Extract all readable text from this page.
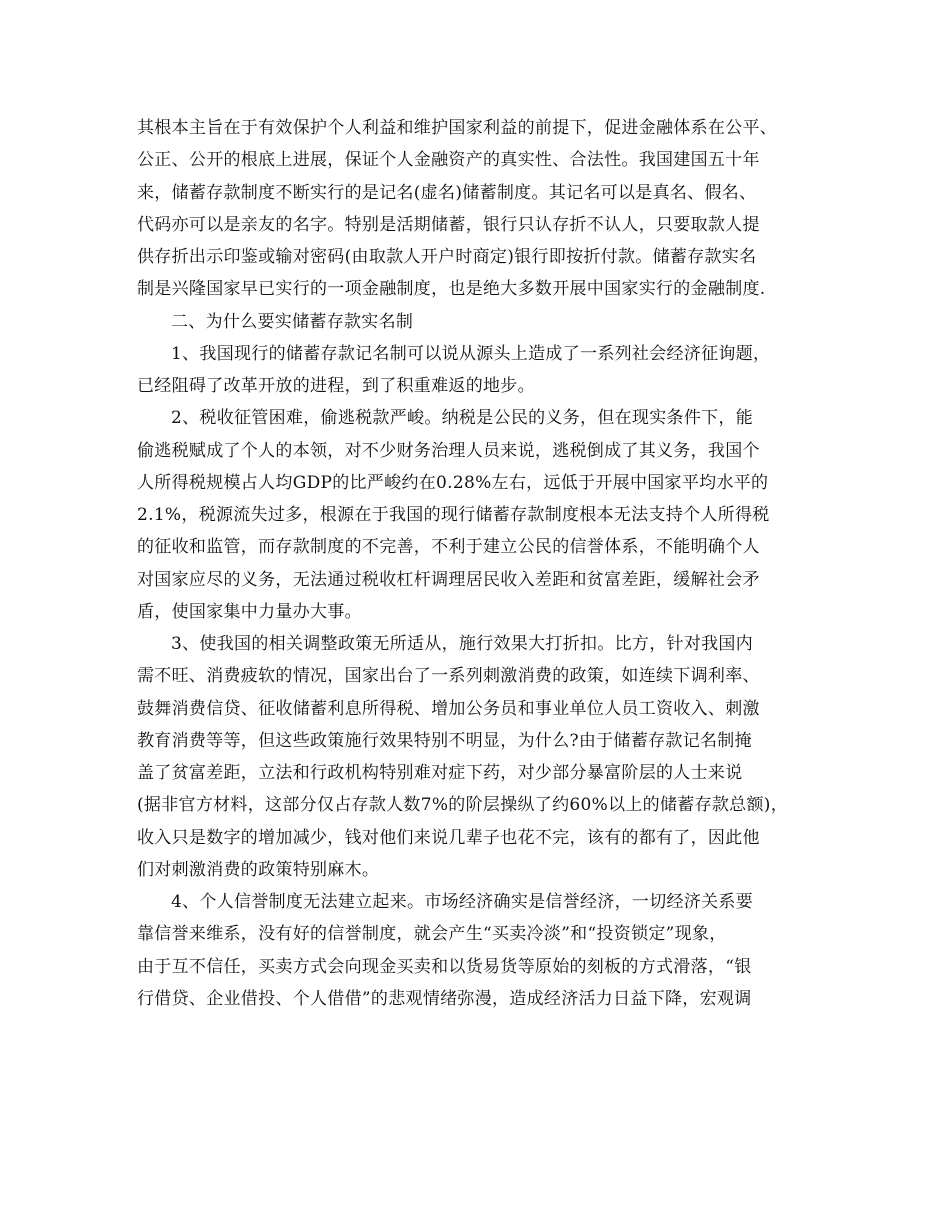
其根本主旨在于有效保护个人利益和维护国家利益的前提下，促进金融体系在公平、
公正、公开的根底上进展，保证个人金融资产的真实性、合法性。我国建国五十年
来，储蓄存款制度不断实行的是记名(虚名)储蓄制度。其记名可以是真名、假名、
代码亦可以是亲友的名字。特别是活期储蓄，银行只认存折不认人，只要取款人提
供存折出示印鉴或输对密码(由取款人开户时商定)银行即按折付款。储蓄存款实名
制是兴隆国家早已实行的一项金融制度，也是绝大多数开展中国家实行的金融制度.
二、为什么要实储蓄存款实名制
1、我国现行的储蓄存款记名制可以说从源头上造成了一系列社会经济征询题，
已经阻碍了改革开放的进程，到了积重难返的地步。
2、税收征管困难，偷逃税款严峻。纳税是公民的义务，但在现实条件下，能
偷逃税赋成了个人的本领，对不少财务治理人员来说，逃税倒成了其义务，我国个
人所得税规模占人均GDP的比严峻约在0.28%左右，远低于开展中国家平均水平的
2.1%，税源流失过多，根源在于我国的现行储蓄存款制度根本无法支持个人所得税
的征收和监管，而存款制度的不完善，不利于建立公民的信誉体系，不能明确个人
对国家应尽的义务，无法通过税收杠杆调理居民收入差距和贫富差距，缓解社会矛
盾，使国家集中力量办大事。
3、使我国的相关调整政策无所适从，施行效果大打折扣。比方，针对我国内
需不旺、消费疲软的情况，国家出台了一系列刺激消费的政策，如连续下调利率、
鼓舞消费信贷、征收储蓄利息所得税、增加公务员和事业单位人员工资收入、刺激
教育消费等等，但这些政策施行效果特别不明显，为什么?由于储蓄存款记名制掩
盖了贫富差距，立法和行政机构特别难对症下药，对少部分暴富阶层的人士来说
(据非官方材料，这部分仅占存款人数7%的阶层操纵了约60%以上的储蓄存款总额)，
收入只是数字的增加减少，钱对他们来说几辈子也花不完，该有的都有了，因此他
们对刺激消费的政策特别麻木。
4、个人信誉制度无法建立起来。市场经济确实是信誉经济，一切经济关系要
靠信誉来维系，没有好的信誉制度，就会产生“买卖冷淡”和“投资锁定”现象，
由于互不信任，买卖方式会向现金买卖和以货易货等原始的刻板的方式滑落，“银
行借贷、企业借投、个人借借”的悲观情绪弥漫，造成经济活力日益下降，宏观调
